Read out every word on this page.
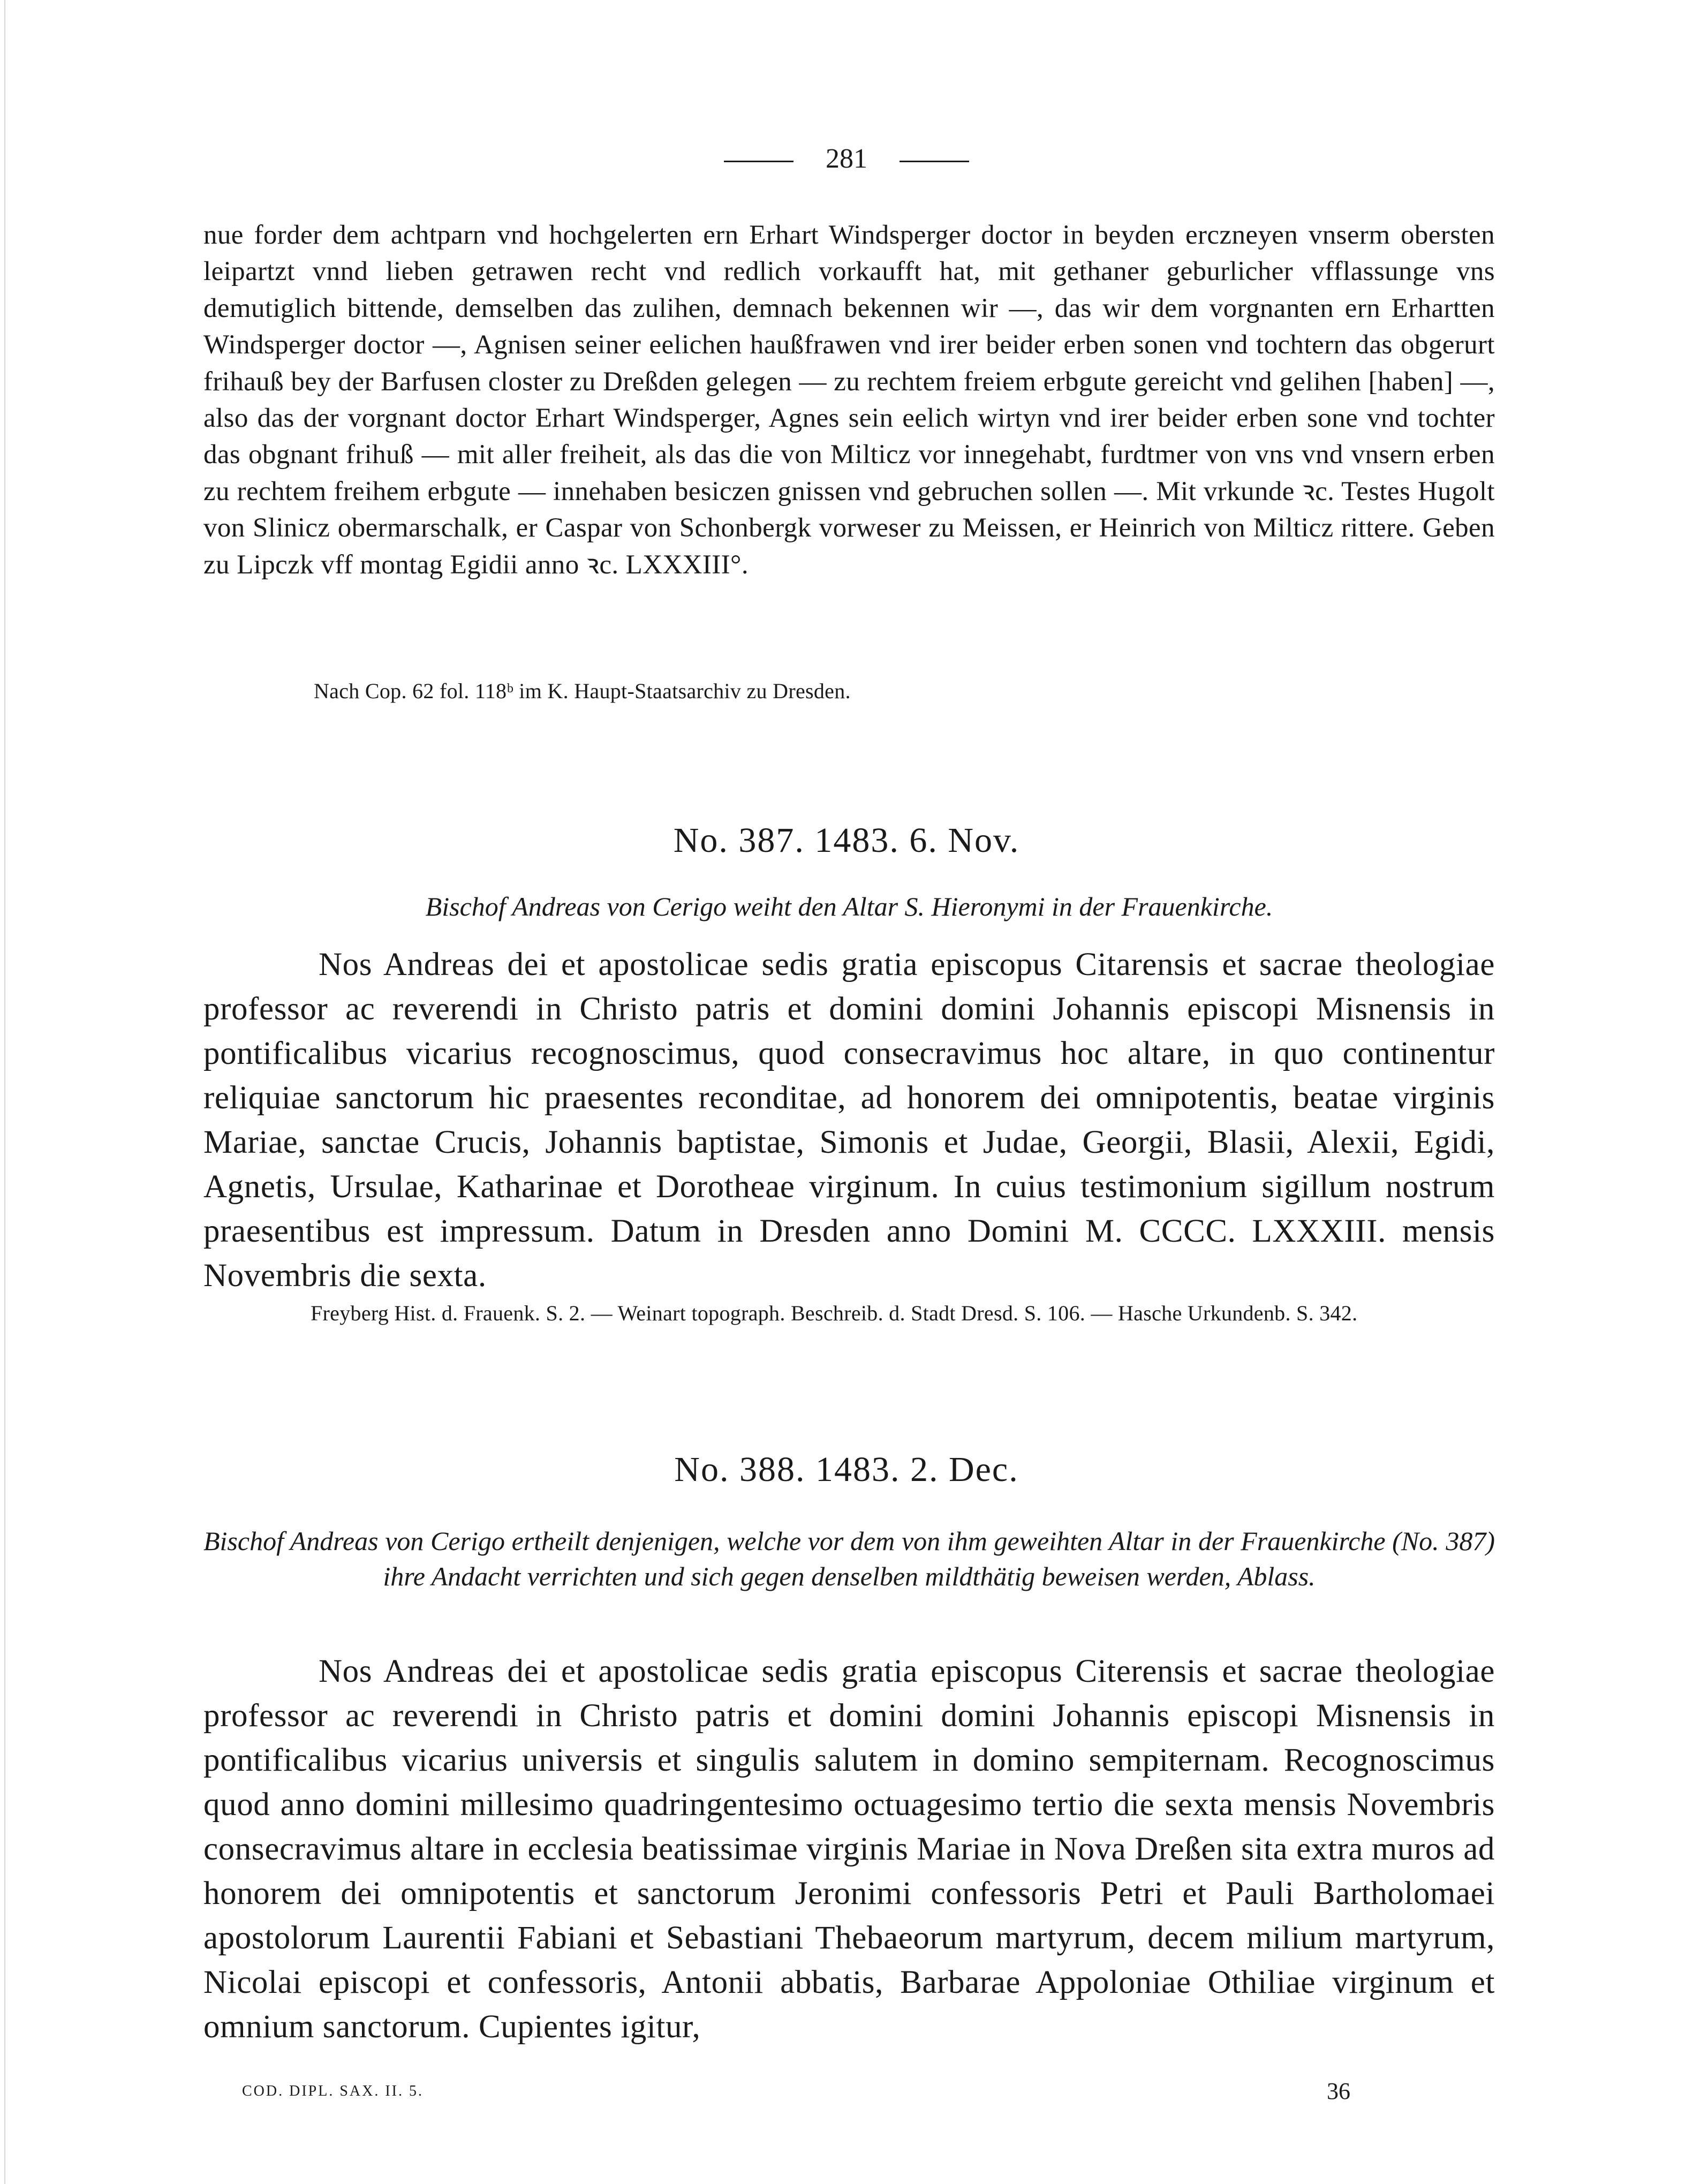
281

nue forder dem achtparn vnd hochgelerten ern Erhart Windsperger doctor in beyden erczneyen vnserm obersten leipartzt vnnd lieben getrawen recht vnd redlich vorkaufft hat, mit gethaner geburlicher vfflassunge vns demutiglich bittende, demselben das zulihen, demnach bekennen wir —, das wir dem vorgnanten ern Erhartten Windsperger doctor —, Agnisen seiner eelichen haußfrawen vnd irer beider erben sonen vnd tochtern das obgerurt frihauß bey der Barfusen closter zu Dreßden gelegen — zu rechtem freiem erbgute gereicht vnd gelihen [haben] —, also das der vorgnant doctor Erhart Windsperger, Agnes sein eelich wirtyn vnd irer beider erben sone vnd tochter das obgnant frihuß — mit aller freiheit, als das die von Milticz vor innegehabt, furdtmer von vns vnd vnsern erben zu rechtem freihem erbgute — innehaben besiczen gnissen vnd gebruchen sollen —. Mit vrkunde ꝛc. Testes Hugolt von Slinicz obermarschalk, er Caspar von Schonbergk vorweser zu Meissen, er Heinrich von Milticz rittere. Geben zu Lipczk vff montag Egidii anno ꝛc. LXXXIII°.

Nach Cop. 62 fol. 118ᵇ im K. Haupt-Staatsarchiv zu Dresden.

No. 387. 1483. 6. Nov.

Bischof Andreas von Cerigo weiht den Altar S. Hieronymi in der Frauenkirche.

Nos Andreas dei et apostolicae sedis gratia episcopus Citarensis et sacrae theologiae professor ac reverendi in Christo patris et domini domini Johannis episcopi Misnensis in pontificalibus vicarius recognoscimus, quod consecravimus hoc altare, in quo continentur reliquiae sanctorum hic praesentes reconditae, ad honorem dei omnipotentis, beatae virginis Mariae, sanctae Crucis, Johannis baptistae, Simonis et Judae, Georgii, Blasii, Alexii, Egidi, Agnetis, Ursulae, Katharinae et Dorotheae virginum. In cuius testimonium sigillum nostrum praesentibus est impressum. Datum in Dresden anno Domini M. CCCC. LXXXIII. mensis Novembris die sexta.

Freyberg Hist. d. Frauenk. S. 2. — Weinart topograph. Beschreib. d. Stadt Dresd. S. 106. — Hasche Urkundenb. S. 342.

No. 388. 1483. 2. Dec.

Bischof Andreas von Cerigo ertheilt denjenigen, welche vor dem von ihm geweihten Altar in der Frauenkirche (No. 387) ihre Andacht verrichten und sich gegen denselben mildthätig beweisen werden, Ablass.

Nos Andreas dei et apostolicae sedis gratia episcopus Citerensis et sacrae theologiae professor ac reverendi in Christo patris et domini domini Johannis episcopi Misnensis in pontificalibus vicarius universis et singulis salutem in domino sempiternam. Recognoscimus quod anno domini millesimo quadringentesimo octuagesimo tertio die sexta mensis Novembris consecravimus altare in ecclesia beatissimae virginis Mariae in Nova Dreßen sita extra muros ad honorem dei omnipotentis et sanctorum Jeronimi confessoris Petri et Pauli Bartholomaei apostolorum Laurentii Fabiani et Sebastiani Thebaeorum martyrum, decem milium martyrum, Nicolai episcopi et confessoris, Antonii abbatis, Barbarae Appoloniae Othiliae virginum et omnium sanctorum. Cupientes igitur,

COD. DIPL. SAX. II. 5.	36
